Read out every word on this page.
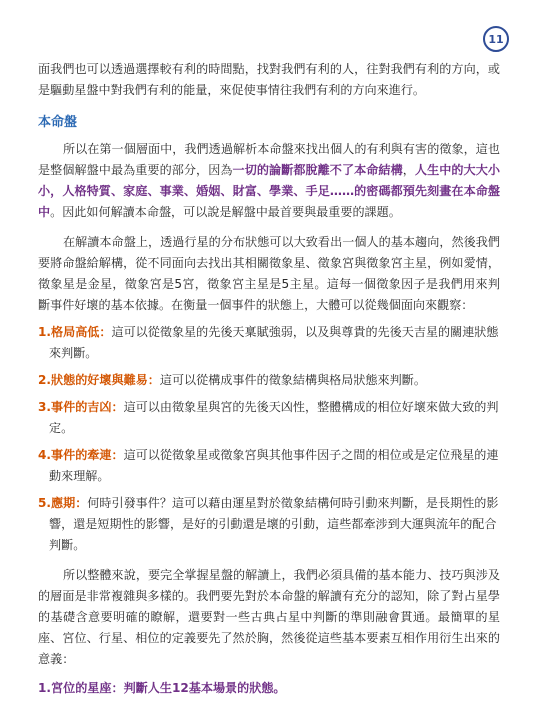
11

面我們也可以透過選擇較有利的時間點，找對我們有利的人，往對我們有利的方向，或是驅動星盤中對我們有利的能量，來促使事情往我們有利的方向來進行。

本命盤

所以在第一個層面中，我們透過解析本命盤來找出個人的有利與有害的徵象，這也是整個解盤中最為重要的部分，因為一切的論斷都脫離不了本命結構，人生中的大大小小，人格特質、家庭、事業、婚姻、財富、學業、手足……的密碼都預先刻畫在本命盤中。因此如何解讀本命盤，可以說是解盤中最首要與最重要的課題。

在解讀本命盤上，透過行星的分布狀態可以大致看出一個人的基本趨向，然後我們要將命盤給解構，從不同面向去找出其相關徵象星、徵象宮與徵象宮主星，例如愛情，徵象星是金星，徵象宮是5宮，徵象宮主星是5主星。這每一個徵象因子是我們用來判斷事件好壞的基本依據。在衡量一個事件的狀態上，大體可以從幾個面向來觀察：

1.格局高低：這可以從徵象星的先後天稟賦強弱，以及與尊貴的先後天吉星的關連狀態來判斷。
2.狀態的好壞與難易：這可以從構成事件的徵象結構與格局狀態來判斷。
3.事件的吉凶：這可以由徵象星與宮的先後天凶性，整體構成的相位好壞來做大致的判定。
4.事件的牽連：這可以從徵象星或徵象宮與其他事件因子之間的相位或是定位飛星的連動來理解。
5.應期：何時引發事件？這可以藉由運星對於徵象結構何時引動來判斷，是長期性的影響，還是短期性的影響，是好的引動還是壞的引動，這些都牽涉到大運與流年的配合判斷。

所以整體來說，要完全掌握星盤的解讀上，我們必須具備的基本能力、技巧與涉及的層面是非常複雜與多樣的。我們要先對於本命盤的解讀有充分的認知，除了對占星學的基礎含意要明確的瞭解，還要對一些古典占星中判斷的準則融會貫通。最簡單的星座、宮位、行星、相位的定義要先了然於胸，然後從這些基本要素互相作用衍生出來的意義：

1.宮位的星座：判斷人生12基本場景的狀態。
